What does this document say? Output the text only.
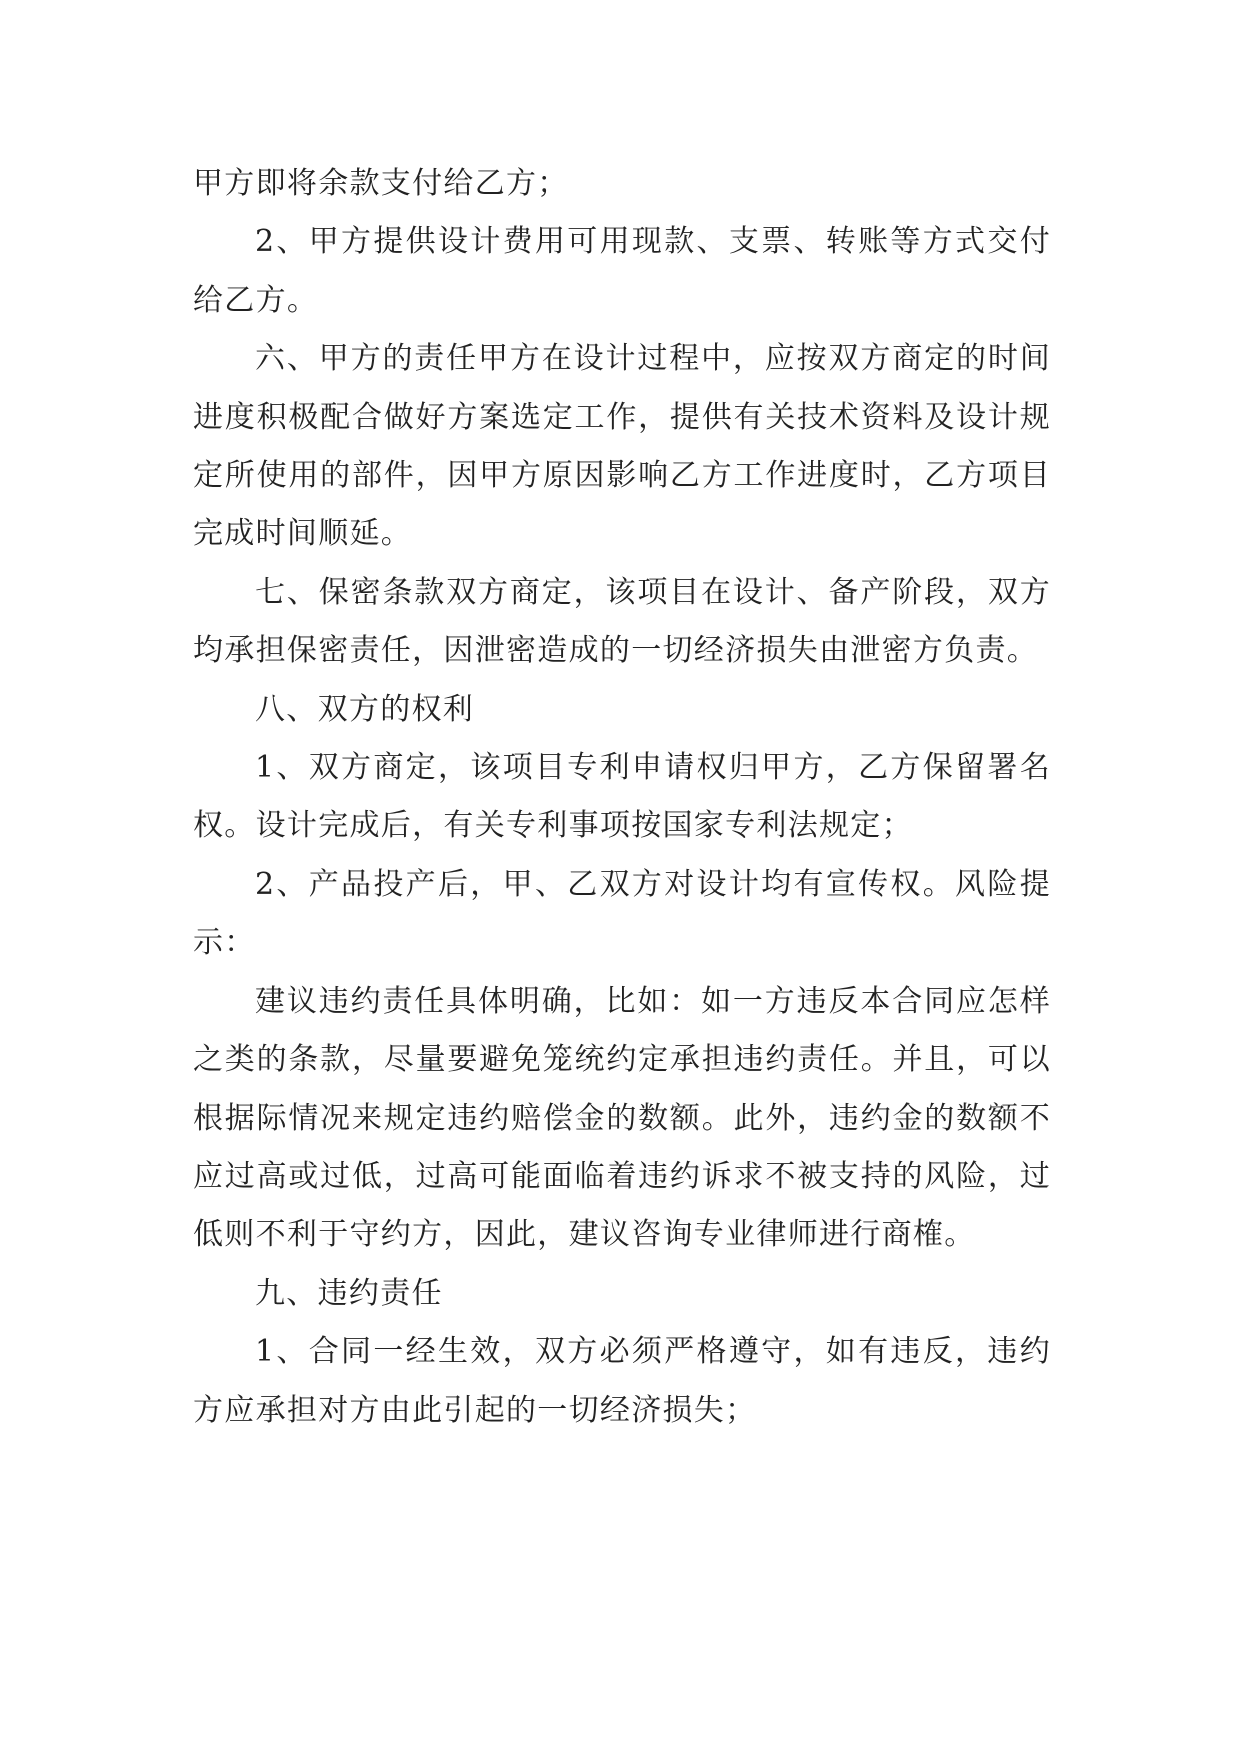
甲方即将余款支付给乙方；

2、甲方提供设计费用可用现款、支票、转账等方式交付给乙方。

六、甲方的责任甲方在设计过程中，应按双方商定的时间进度积极配合做好方案选定工作，提供有关技术资料及设计规定所使用的部件，因甲方原因影响乙方工作进度时，乙方项目完成时间顺延。

七、保密条款双方商定，该项目在设计、备产阶段，双方均承担保密责任，因泄密造成的一切经济损失由泄密方负责。

八、双方的权利

1、双方商定，该项目专利申请权归甲方，乙方保留署名权。设计完成后，有关专利事项按国家专利法规定；

2、产品投产后，甲、乙双方对设计均有宣传权。风险提示：

建议违约责任具体明确，比如：如一方违反本合同应怎样之类的条款，尽量要避免笼统约定承担违约责任。并且，可以根据际情况来规定违约赔偿金的数额。此外，违约金的数额不应过高或过低，过高可能面临着违约诉求不被支持的风险，过低则不利于守约方，因此，建议咨询专业律师进行商榷。

九、违约责任

1、合同一经生效，双方必须严格遵守，如有违反，违约方应承担对方由此引起的一切经济损失；
